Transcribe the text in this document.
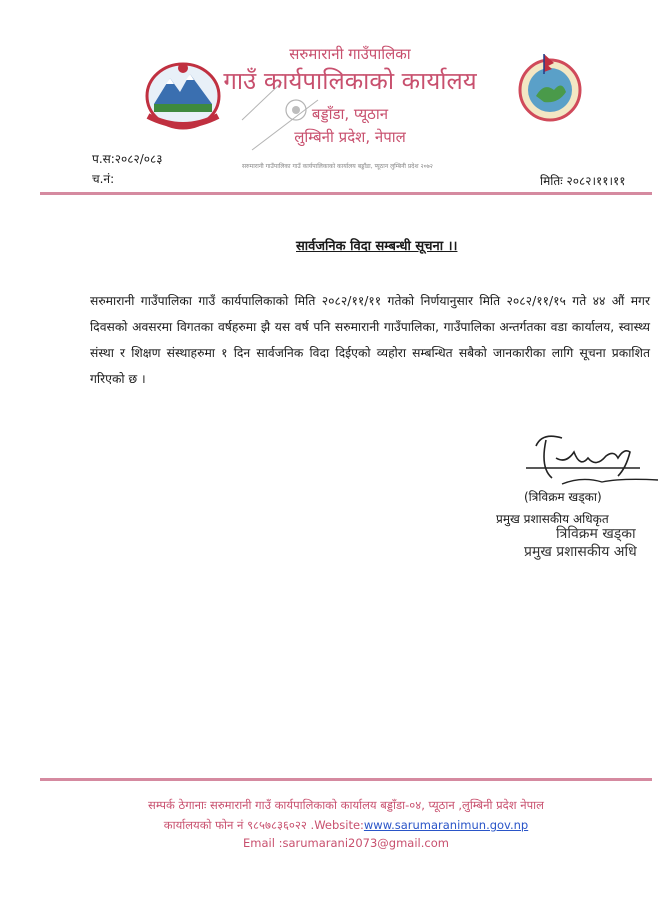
सरुमारानी गाउँपालिका गाउँ कार्यपालिकाको कार्यालय बड्डाँडा, प्यूठान लुम्बिनी प्रदेश २०७२
सरुमारानी गाउँपालिका
गाउँ कार्यपालिकाको कार्यालय
बड्डाँडा, प्यूठान
लुम्बिनी प्रदेश, नेपाल
प.स:२०८२/०८३
च.नं:	मितिः २०८२।११।११
सार्वजनिक विदा सम्बन्धी सूचना ।।
सरुमारानी गाउँपालिका गाउँ कार्यपालिकाको मिति २०८२/११/११ गतेको निर्णयानुसार मिति २०८२/११/१५ गते ४४ औं मगर दिवसको अवसरमा विगतका वर्षहरुमा झै यस वर्ष पनि सरुमारानी गाउँपालिका, गाउँपालिका अन्तर्गतका वडा कार्यालय, स्वास्थ्य संस्था र शिक्षण संस्थाहरुमा १ दिन सार्वजनिक विदा दिईएको व्यहोरा सम्बन्धित सबैको जानकारीका लागि सूचना प्रकाशित गरिएको छ ।
(त्रिविक्रम खड्का)
प्रमुख प्रशासकीय अधिकृत
त्रिविक्रम खड्का
प्रमुख प्रशासकीय अधि
सम्पर्क ठेगानाः सरुमारानी गाउँ कार्यपालिकाको कार्यालय बड्डाँडा-०४, प्यूठान ,लुम्बिनी प्रदेश नेपाल
कार्यालयको फोन नं ९८५७८३६०२२ .Website:www.sarumaranimun.gov.np
Email :sarumarani2073@gmail.com
